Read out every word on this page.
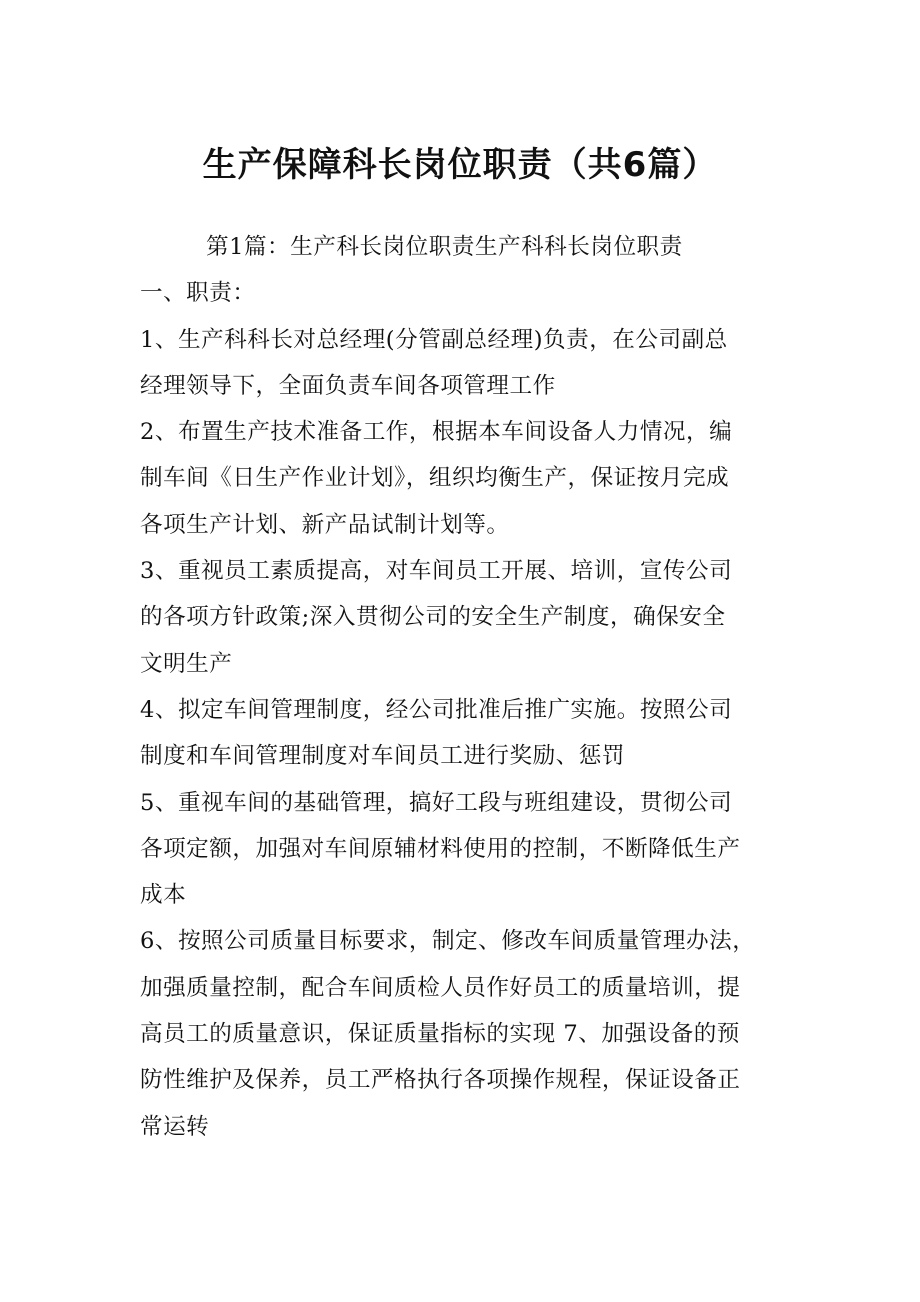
生产保障科长岗位职责（共6篇）
第1篇：生产科长岗位职责生产科科长岗位职责
一、职责：
1、生产科科长对总经理(分管副总经理)负责，在公司副总
经理领导下，全面负责车间各项管理工作
2、布置生产技术准备工作，根据本车间设备人力情况，编
制车间《日生产作业计划》，组织均衡生产，保证按月完成
各项生产计划、新产品试制计划等。
3、重视员工素质提高，对车间员工开展、培训，宣传公司
的各项方针政策;深入贯彻公司的安全生产制度，确保安全
文明生产
4、拟定车间管理制度，经公司批准后推广实施。按照公司
制度和车间管理制度对车间员工进行奖励、惩罚
5、重视车间的基础管理，搞好工段与班组建设，贯彻公司
各项定额，加强对车间原辅材料使用的控制，不断降低生产
成本
6、按照公司质量目标要求，制定、修改车间质量管理办法，
加强质量控制，配合车间质检人员作好员工的质量培训，提
高员工的质量意识，保证质量指标的实现 7、加强设备的预
防性维护及保养，员工严格执行各项操作规程，保证设备正
常运转
